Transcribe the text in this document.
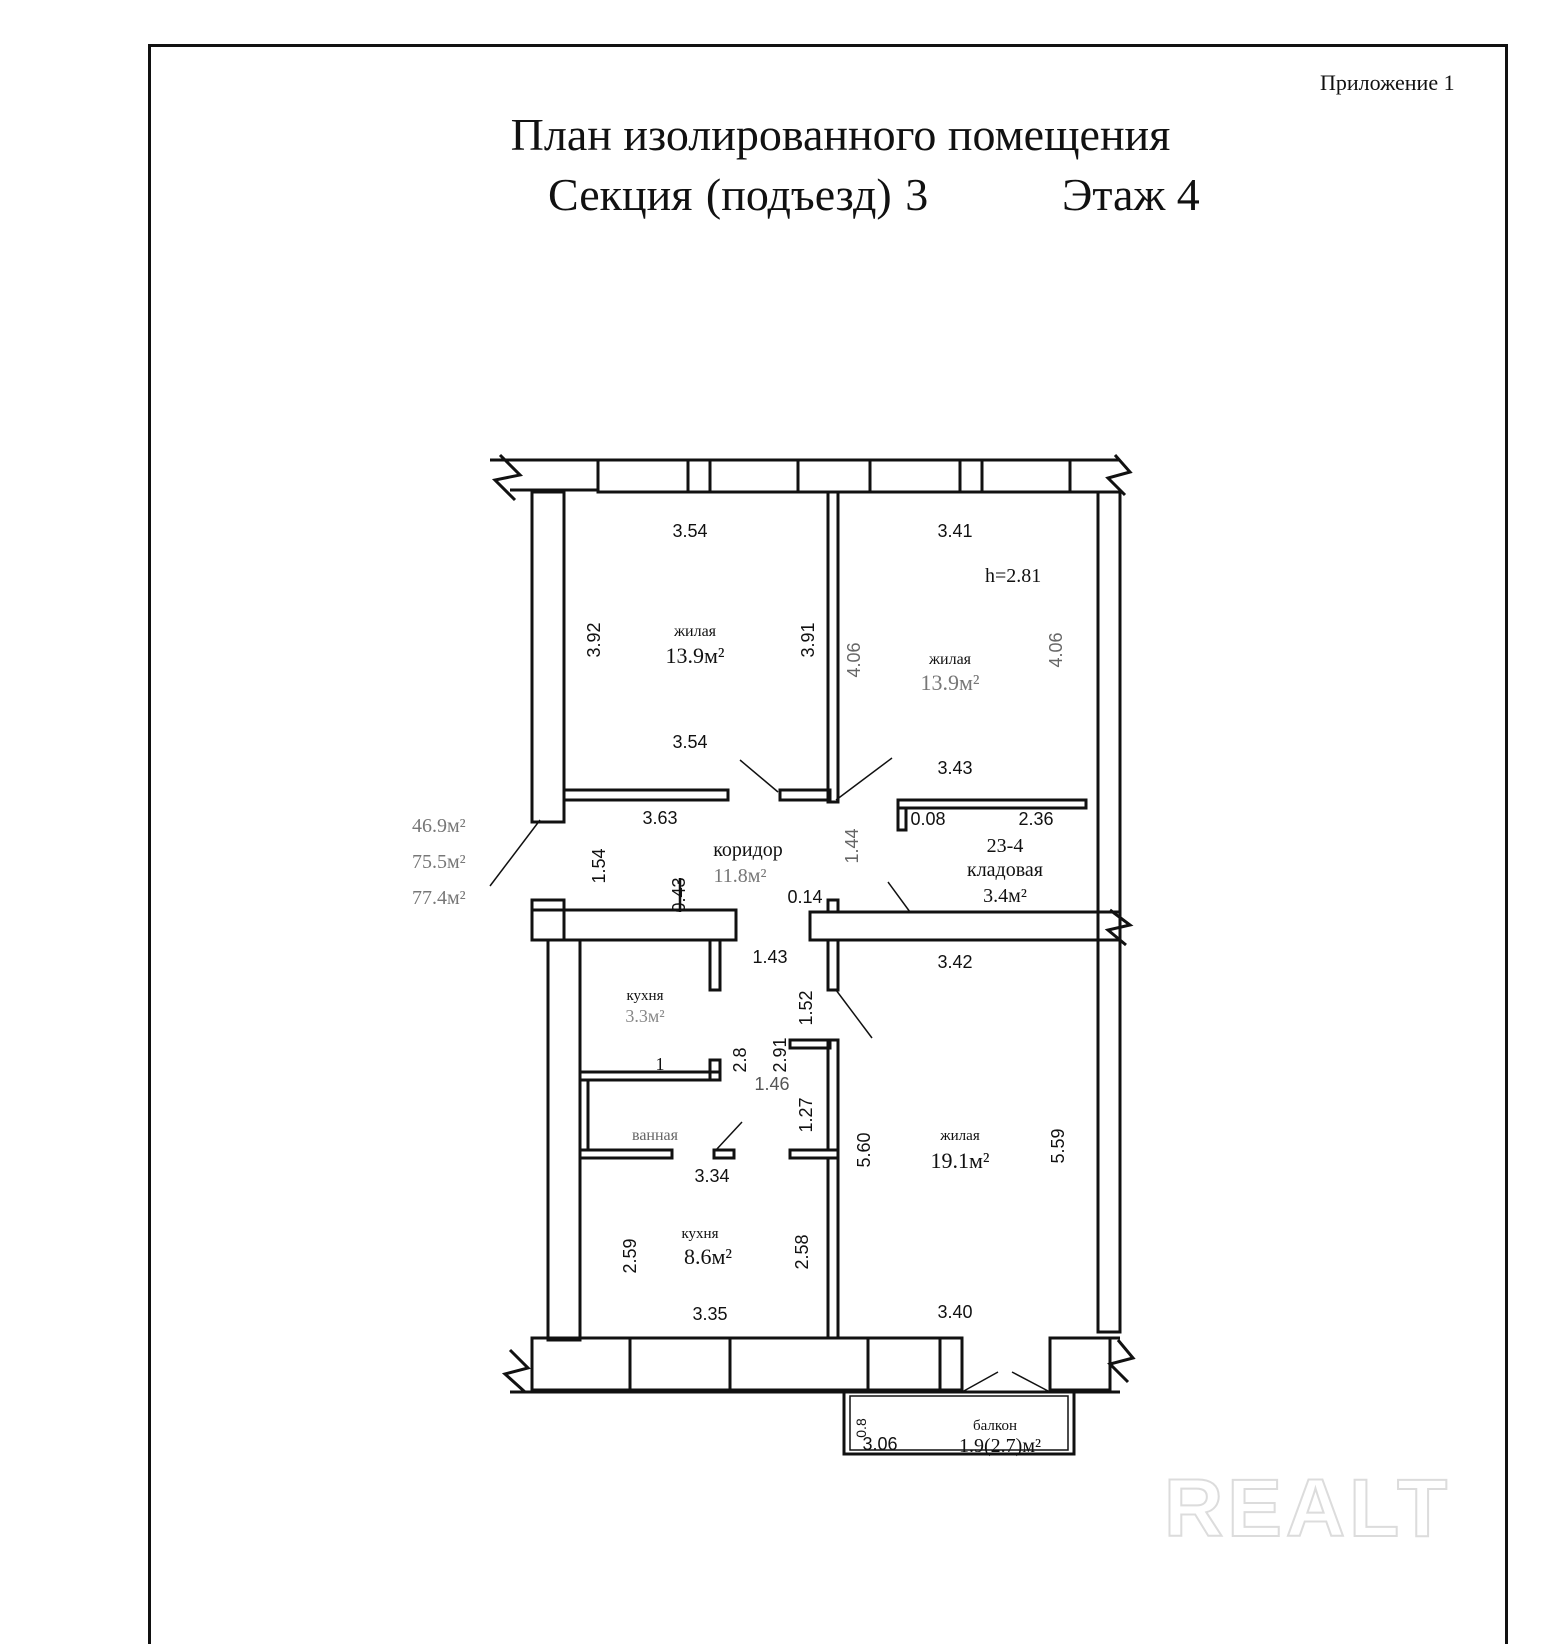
Приложение 1
План изолированного помещения
Секция (подъезд) 3	Этаж 4
жилая
13.9м²	жилая
13.9м²
коридор
11.8м²
23-4
кладовая
3.4м²
кухня
3.3м²
1
ванная
кухня
8.6м²
жилая
19.1м²
балкон
1.9(2.7)м²
h=2.81
3.54
3.92	3.91
3.54
3.41
4.06	4.06
3.43
3.63
1.54
0.43
1.44
0.14
1.43
1.52
2.91
2.8
1.46
1.27
0.08	2.36
3.34
2.59	2.58
3.35
3.42
5.60	5.59
3.40
3.06
0.8
46.9м²
75.5м²
77.4м²
REALT
